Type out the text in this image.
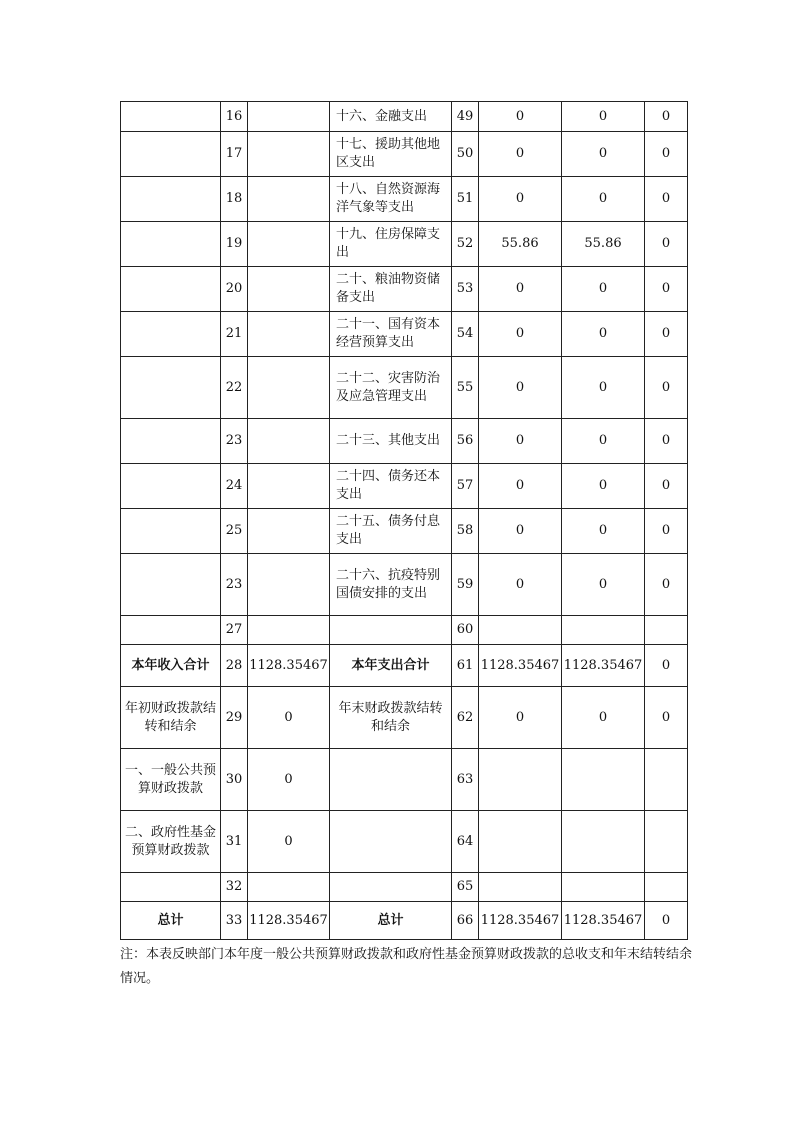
	16		十六、金融支出	49	0	0	0
	17		十七、援助其他地区支出	50	0	0	0
	18		十八、自然资源海洋气象等支出	51	0	0	0
	19		十九、住房保障支出	52	55.86	55.86	0
	20		二十、粮油物资储备支出	53	0	0	0
	21		二十一、国有资本经营预算支出	54	0	0	0
	22		二十二、灾害防治及应急管理支出	55	0	0	0
	23		二十三、其他支出	56	0	0	0
	24		二十四、债务还本支出	57	0	0	0
	25		二十五、债务付息支出	58	0	0	0
	23		二十六、抗疫特别国债安排的支出	59	0	0	0
	27			60			
本年收入合计	28	1128.35467	本年支出合计	61	1128.35467	1128.35467	0
年初财政拨款结转和结余	29	0	年末财政拨款结转和结余	62	0	0	0
一、一般公共预算财政拨款	30	0		63			
二、政府性基金预算财政拨款	31	0		64			
	32			65			
总计	33	1128.35467	总计	66	1128.35467	1128.35467	0
注：本表反映部门本年度一般公共预算财政拨款和政府性基金预算财政拨款的总收支和年末结转结余情况。
